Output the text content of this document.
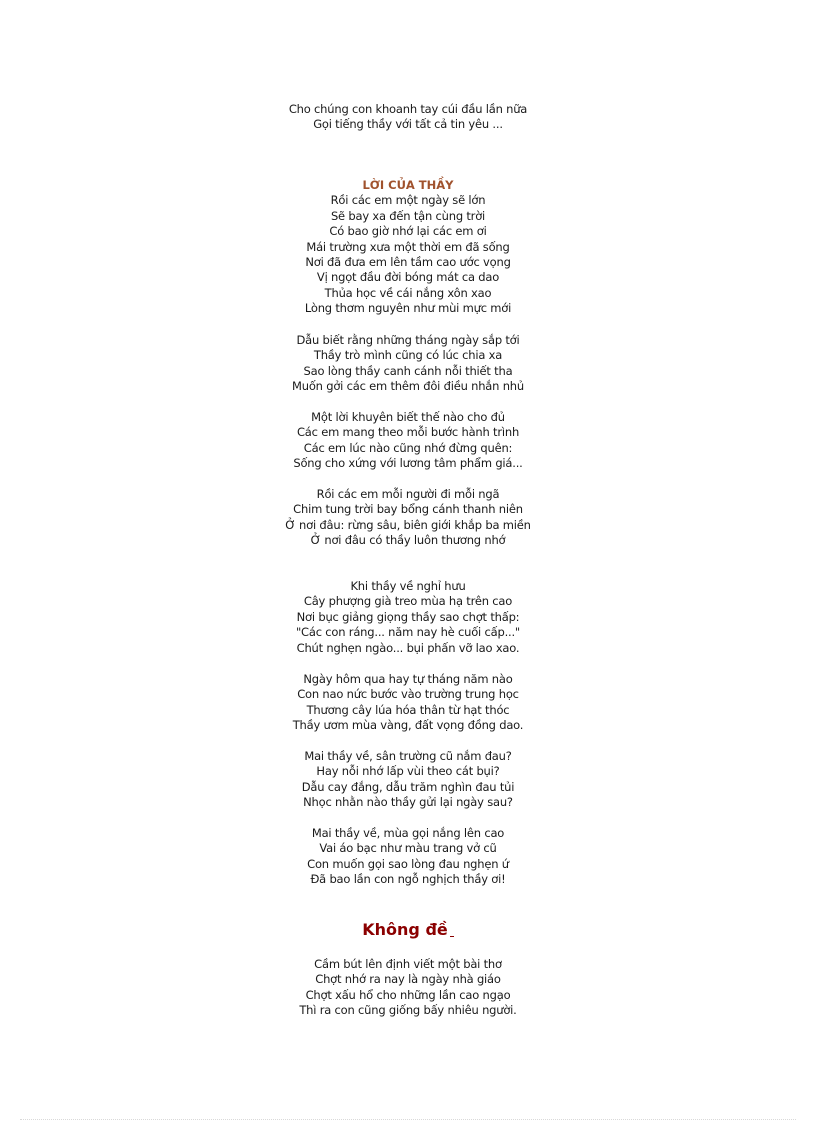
Cho chúng con khoanh tay cúi đầu lần nữa
Gọi tiếng thầy với tất cả tin yêu ...
LỜI CỦA THẦY
Rồi các em một ngày sẽ lớn
Sẽ bay xa đến tận cùng trời
Có bao giờ nhớ lại các em ơi
Mái trường xưa một thời em đã sống
Nơi đã đưa em lên tầm cao ước vọng
Vị ngọt đầu đời bóng mát ca dao
Thủa học về cái nắng xôn xao
Lòng thơm nguyên như mùi mực mới
Dẫu biết rằng những tháng ngày sắp tới
Thầy trò mình cũng có lúc chia xa
Sao lòng thầy canh cánh nỗi thiết tha
Muốn gởi các em thêm đôi điều nhắn nhủ
Một lời khuyên biết thế nào cho đủ
Các em mang theo mỗi bước hành trình
Các em lúc nào cũng nhớ đừng quên:
Sống cho xứng với lương tâm phẩm giá...
Rồi các em mỗi người đi mỗi ngã
Chim tung trời bay bổng cánh thanh niên
Ở nơi đâu: rừng sâu, biên giới khắp ba miền
Ở nơi đâu có thầy luôn thương nhớ
Khi thầy về nghỉ hưu
Cây phượng già treo mùa hạ trên cao
Nơi bục giảng giọng thầy sao chợt thấp:
"Các con ráng... năm nay hè cuối cấp..."
Chút nghẹn ngào... bụi phấn vỡ lao xao.
Ngày hôm qua hay tự tháng năm nào
Con nao nức bước vào trường trung học
Thương cây lúa hóa thân từ hạt thóc
Thầy ươm mùa vàng, đất vọng đồng dao.
Mai thầy về, sân trường cũ nắm đau?
Hay nỗi nhớ lấp vùi theo cát bụi?
Dẫu cay đắng, dẫu trăm nghìn đau tủi
Nhọc nhằn nào thầy gửi lại ngày sau?
Mai thầy về, mùa gọi nắng lên cao
Vai áo bạc như màu trang vở cũ
Con muốn gọi sao lòng đau nghẹn ứ
Đã bao lần con ngỗ nghịch thầy ơi!
Không đề
Cầm bút lên định viết một bài thơ
Chợt nhớ ra nay là ngày nhà giáo
Chợt xấu hổ cho những lần cao ngạo
Thì ra con cũng giống bấy nhiêu người.
